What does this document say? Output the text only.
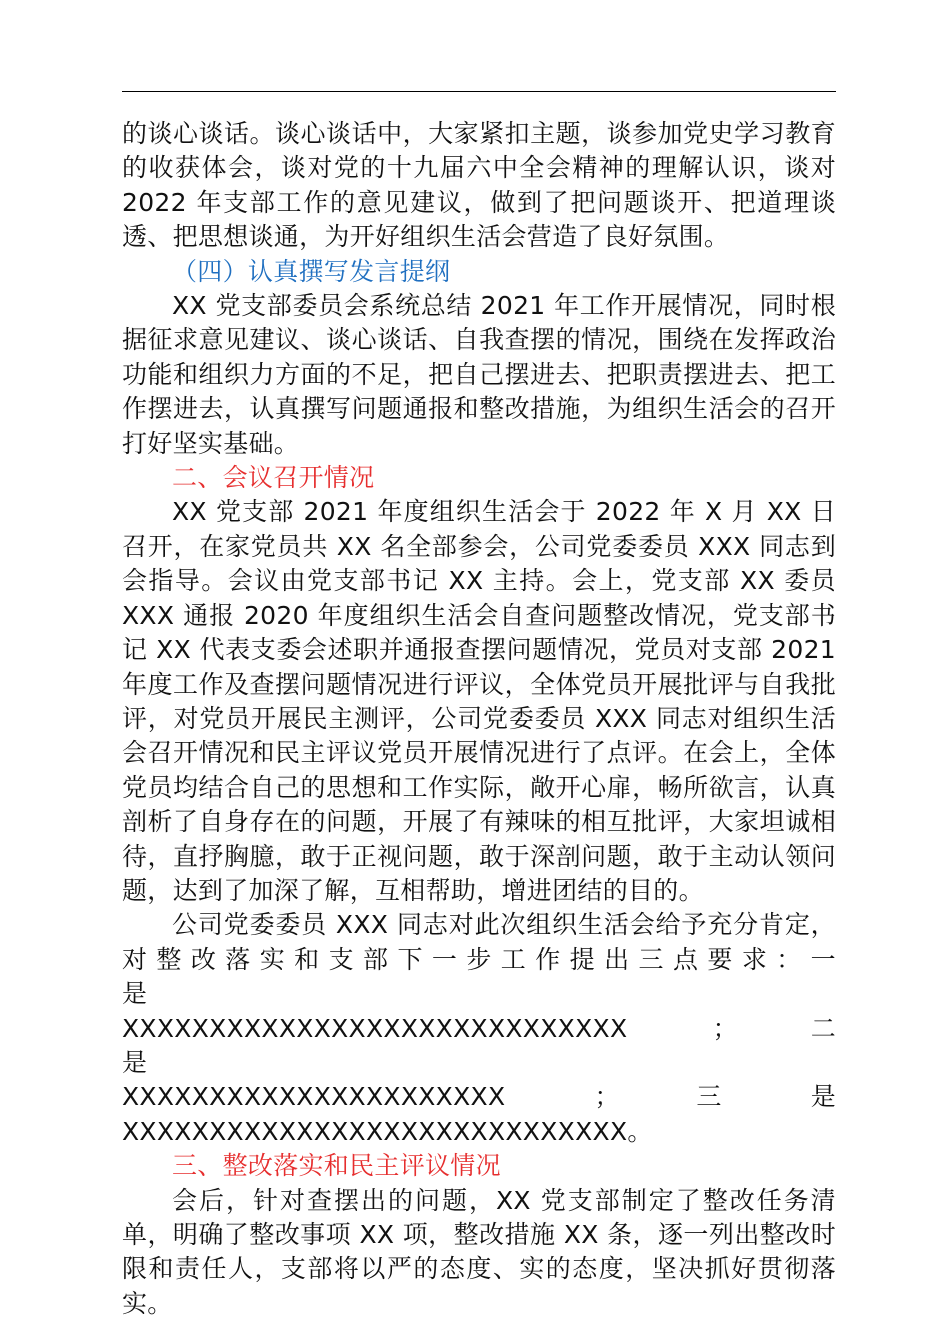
的谈心谈话。谈心谈话中，大家紧扣主题，谈参加党史学习教育的收获体会，谈对党的十九届六中全会精神的理解认识，谈对 2022 年支部工作的意见建议，做到了把问题谈开、把道理谈透、把思想谈通，为开好组织生活会营造了良好氛围。

（四）认真撰写发言提纲

XX 党支部委员会系统总结 2021 年工作开展情况，同时根据征求意见建议、谈心谈话、自我查摆的情况，围绕在发挥政治功能和组织力方面的不足，把自己摆进去、把职责摆进去、把工作摆进去，认真撰写问题通报和整改措施，为组织生活会的召开打好坚实基础。

二、会议召开情况

XX 党支部 2021 年度组织生活会于 2022 年 X 月 XX 日召开，在家党员共 XX 名全部参会，公司党委委员 XXX 同志到会指导。会议由党支部书记 XX 主持。会上，党支部 XX 委员 XXX 通报 2020 年度组织生活会自查问题整改情况，党支部书记 XX 代表支委会述职并通报查摆问题情况，党员对支部 2021 年度工作及查摆问题情况进行评议，全体党员开展批评与自我批评，对党员开展民主测评，公司党委委员 XXX 同志对组织生活会召开情况和民主评议党员开展情况进行了点评。在会上，全体党员均结合自己的思想和工作实际，敞开心扉，畅所欲言，认真剖析了自身存在的问题，开展了有辣味的相互批评，大家坦诚相待，直抒胸臆，敢于正视问题，敢于深剖问题，敢于主动认领问题，达到了加深了解，互相帮助，增进团结的目的。

公司党委委员 XXX 同志对此次组织生活会给予充分肯定，
对 整 改 落 实 和 支 部 下 一 步 工 作 提 出 三 点 要 求 ： 一 是
XXXXXXXXXXXXXXXXXXXXXXXXXXXXX　　；　　二　　是
XXXXXXXXXXXXXXXXXXXXXX　　　；　　　三　　　是
XXXXXXXXXXXXXXXXXXXXXXXXXXXXX。

三、整改落实和民主评议情况

会后，针对查摆出的问题，XX 党支部制定了整改任务清单，明确了整改事项 XX 项，整改措施 XX 条，逐一列出整改时限和责任人，支部将以严的态度、实的态度，坚决抓好贯彻落实。
